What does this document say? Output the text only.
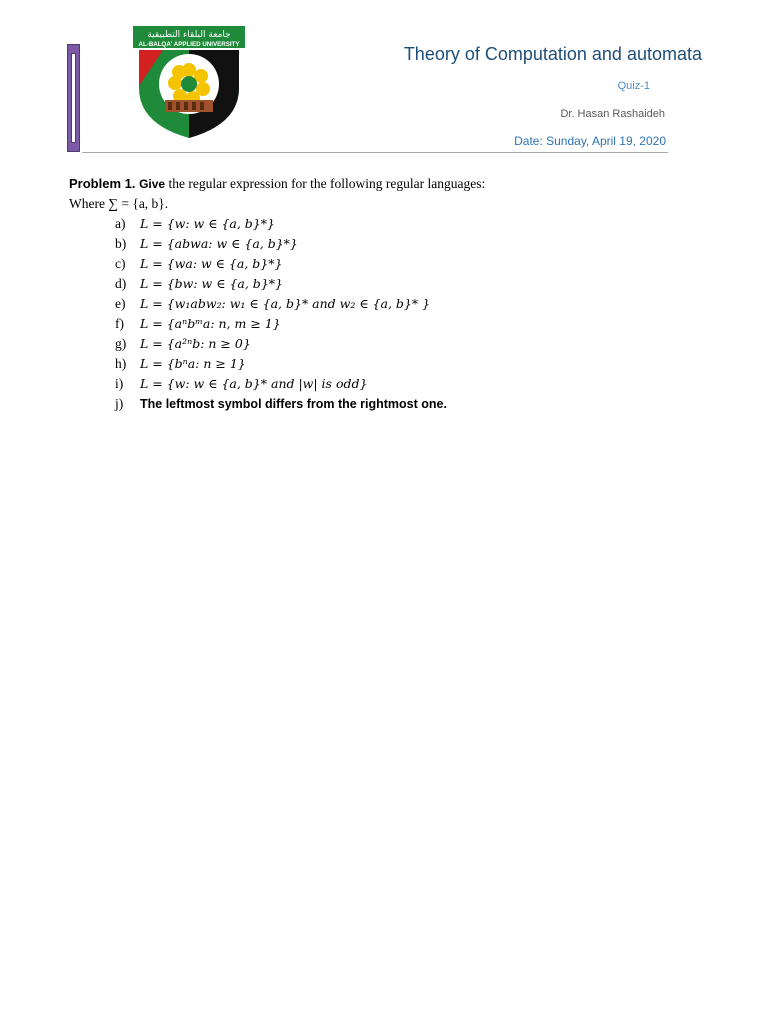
جامعة البلقاء التطبيقية
AL-BALQA' APPLIED UNIVERSITY	Theory of Computation and automata
Quiz-1
Dr. Hasan Rashaideh
Date: Sunday, April 19, 2020
Problem 1. Give the regular expression for the following regular languages:
Where ∑ = {a, b}.
a) L = {w: w ∈ {a, b}*}
b) L = {abwa: w ∈ {a, b}*}
c) L = {wa: w ∈ {a, b}*}
d) L = {bw: w ∈ {a, b}*}
e) L = {w₁abw₂: w₁ ∈ {a, b}* and w₂ ∈ {a, b}* }
f) L = {aⁿbᵐa: n, m ≥ 1}
g) L = {a²ⁿb: n ≥ 0}
h) L = {bⁿa: n ≥ 1}
i) L = {w: w ∈ {a, b}* and |w| is odd}
j) The leftmost symbol differs from the rightmost one.
